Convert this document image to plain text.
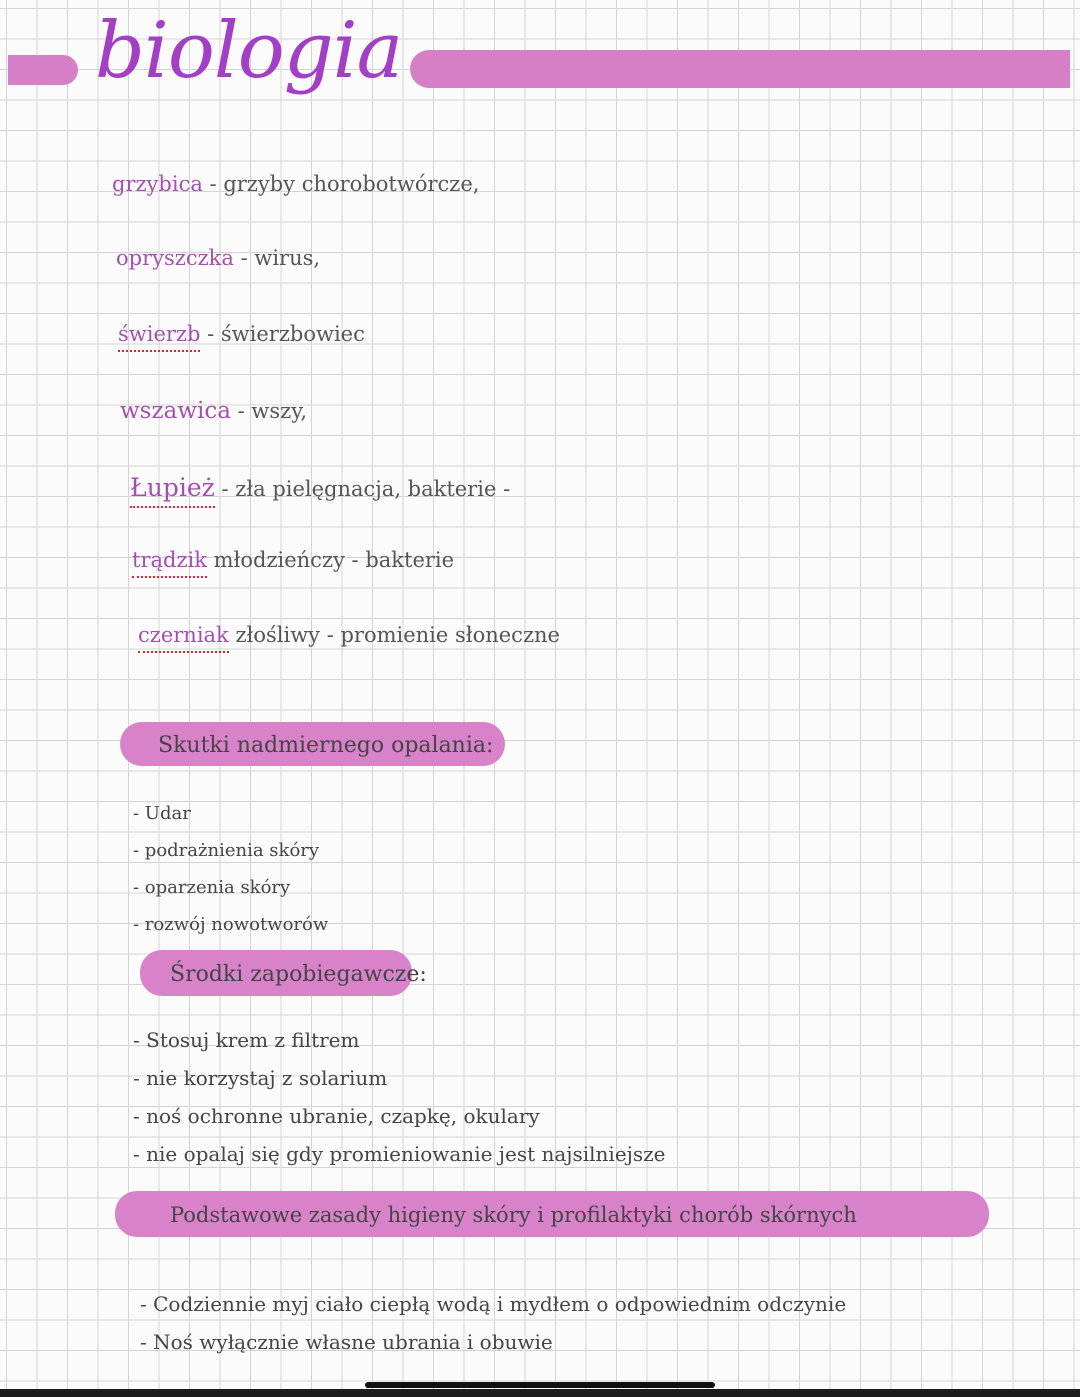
biologia
grzybica - grzyby chorobotwórcze,
opryszczka - wirus,
świerzb - świerzbowiec
wszawica - wszy,
Łupież - zła pielęgnacja, bakterie -
trądzik młodzieńczy - bakterie
czerniak złośliwy - promienie słoneczne
Skutki nadmiernego opalania:
- Udar
- podrażnienia skóry
- oparzenia skóry
- rozwój nowotworów
Środki zapobiegawcze:
- Stosuj krem z filtrem
- nie korzystaj z solarium
- noś ochronne ubranie, czapkę, okulary
- nie opalaj się gdy promieniowanie jest najsilniejsze
Podstawowe zasady higieny skóry i profilaktyki chorób skórnych
- Codziennie myj ciało ciepłą wodą i mydłem o odpowiednim odczynie
- Noś wyłącznie własne ubrania i obuwie
